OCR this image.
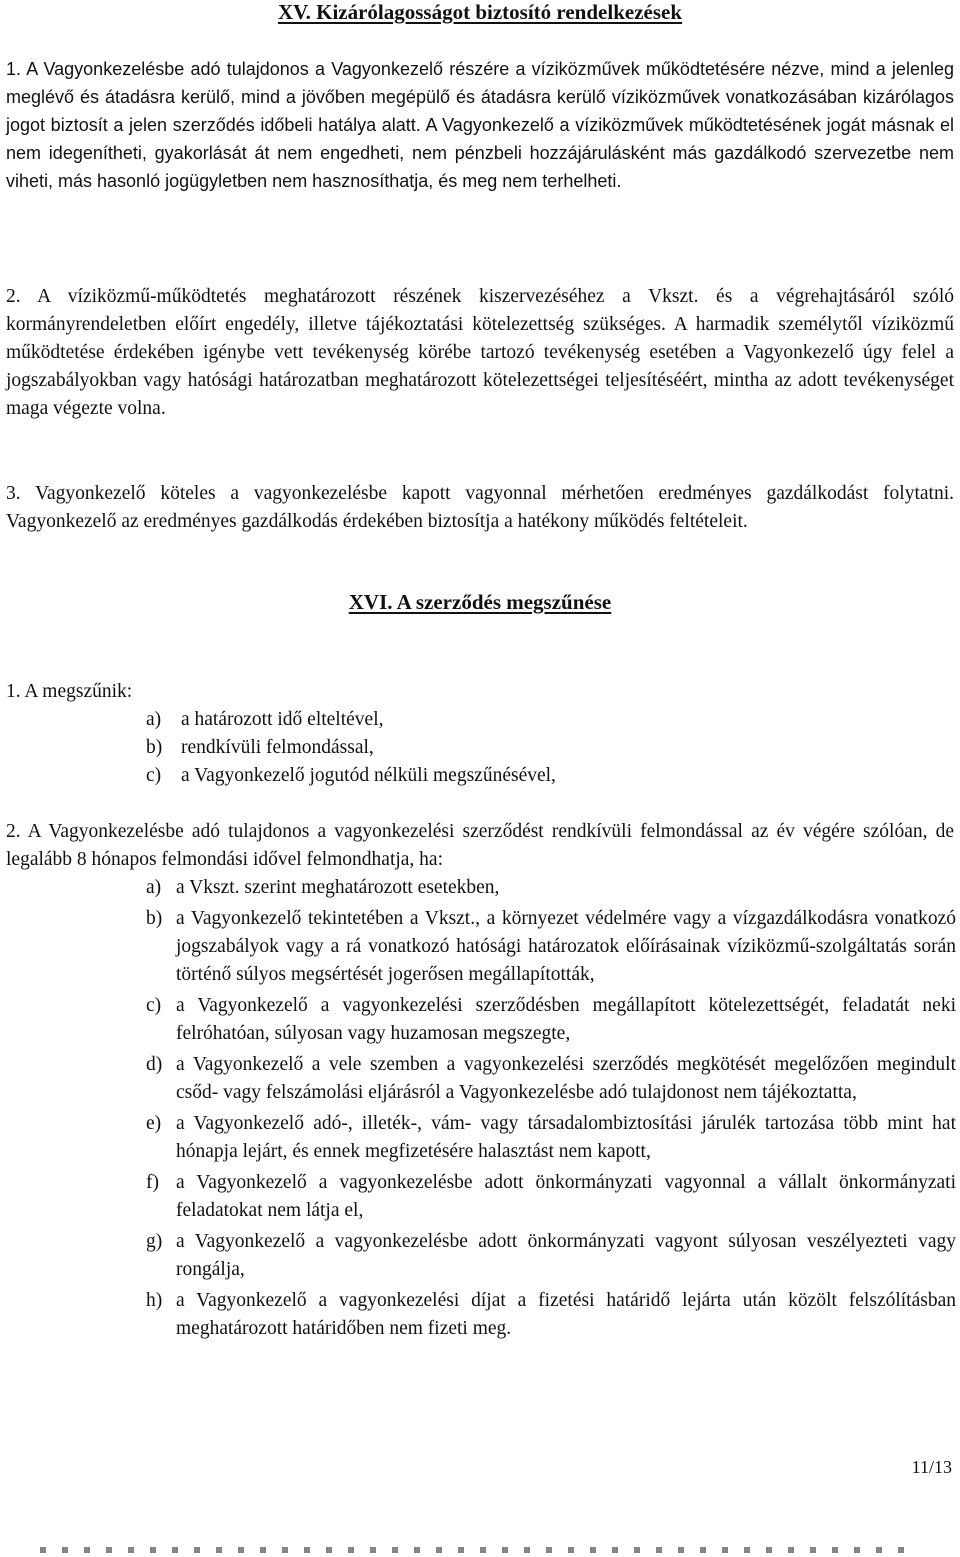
XV. Kizárólagosságot biztosító rendelkezések

1. A Vagyonkezelésbe adó tulajdonos a Vagyonkezelő részére a víziközművek működtetésére nézve, mind a jelenleg meglévő és átadásra kerülő, mind a jövőben megépülő és átadásra kerülő víziközművek vonatkozásában kizárólagos jogot biztosít a jelen szerződés időbeli hatálya alatt. A Vagyonkezelő a víziközművek működtetésének jogát másnak el nem idegenítheti, gyakorlását át nem engedheti, nem pénzbeli hozzájárulásként más gazdálkodó szervezetbe nem viheti, más hasonló jogügyletben nem hasznosíthatja, és meg nem terhelheti.

2. A víziközmű-működtetés meghatározott részének kiszervezéséhez a Vkszt. és a végrehajtásáról szóló kormányrendeletben előírt engedély, illetve tájékoztatási kötelezettség szükséges. A harmadik személytől víziközmű működtetése érdekében igénybe vett tevékenység körébe tartozó tevékenység esetében a Vagyonkezelő úgy felel a jogszabályokban vagy hatósági határozatban meghatározott kötelezettségei teljesítéséért, mintha az adott tevékenységet maga végezte volna.

3. Vagyonkezelő köteles a vagyonkezelésbe kapott vagyonnal mérhetően eredményes gazdálkodást folytatni. Vagyonkezelő az eredményes gazdálkodás érdekében biztosítja a hatékony működés feltételeit.

XVI. A szerződés megszűnése

1. A megszűnik:

a)	a határozott idő elteltével,
b) rendkívüli felmondással,
c)	a Vagyonkezelő jogutód nélküli megszűnésével,

2. A Vagyonkezelésbe adó tulajdonos a vagyonkezelési szerződést rendkívüli felmondással az év végére szólóan, de legalább 8 hónapos felmondási idővel felmondhatja, ha:

a) a Vkszt. szerint meghatározott esetekben,
b) a Vagyonkezelő tekintetében a Vkszt., a környezet védelmére vagy a vízgazdálkodásra vonatkozó jogszabályok vagy a rá vonatkozó hatósági határozatok előírásainak víziközmű-szolgáltatás során történő súlyos megsértését jogerősen megállapították,
c) a Vagyonkezelő a vagyonkezelési szerződésben megállapított kötelezettségét, feladatát neki felróhatóan, súlyosan vagy huzamosan megszegte,
d) a Vagyonkezelő a vele szemben a vagyonkezelési szerződés megkötését megelőzően megindult csőd- vagy felszámolási eljárásról a Vagyonkezelésbe adó tulajdonost nem tájékoztatta,
e) a Vagyonkezelő adó-, illeték-, vám- vagy társadalombiztosítási járulék tartozása több mint hat hónapja lejárt, és ennek megfizetésére halasztást nem kapott,
f) a Vagyonkezelő a vagyonkezelésbe adott önkormányzati vagyonnal a vállalt önkormányzati feladatokat nem látja el,
g) a Vagyonkezelő a vagyonkezelésbe adott önkormányzati vagyont súlyosan veszélyezteti vagy rongálja,
h) a Vagyonkezelő a vagyonkezelési díjat a fizetési határidő lejárta után közölt felszólításban meghatározott határidőben nem fizeti meg.

11/13
